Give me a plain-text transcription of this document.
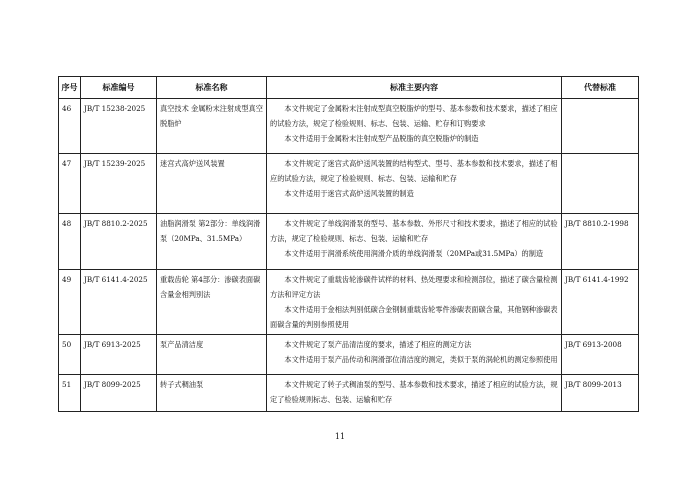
序号	标准编号	标准名称	标准主要内容	代替标准

46	JB/T 15238-2025	真空技术 金属粉末注射成型真空脱脂炉	本文件规定了金属粉末注射成型真空脱脂炉的型号、基本参数和技术要求，描述了相应的试验方法，规定了检验规则、标志、包装、运输、贮存和订购要求
本文件适用于金属粉末注射成型产品脱脂的真空脱脂炉的制造	

47	JB/T 15239-2025	迷宫式高炉送风装置	本文件规定了迷宫式高炉送风装置的结构型式、型号、基本参数和技术要求，描述了相应的试验方法，规定了检验规则、标志、包装、运输和贮存
本文件适用于迷宫式高炉送风装置的制造	

48	JB/T 8810.2-2025	油脂润滑泵 第2部分：单线润滑泵（20MPa、31.5MPa）	本文件规定了单线润滑泵的型号、基本参数、外形尺寸和技术要求，描述了相应的试验方法，规定了检验规则、标志、包装、运输和贮存
本文件适用于润滑系统使用润滑介质的单线润滑泵（20MPa或31.5MPa）的制造	JB/T 8810.2-1998

49	JB/T 6141.4-2025	重载齿轮 第4部分：渗碳表面碳含量金相判别法	本文件规定了重载齿轮渗碳件试样的材料、热处理要求和检测部位，描述了碳含量检测方法和评定方法
本文件适用于金相法判别低碳合金钢制重载齿轮零件渗碳表面碳含量，其他钢种渗碳表面碳含量的判别参照使用	JB/T 6141.4-1992

50	JB/T 6913-2025	泵产品清洁度	本文件规定了泵产品清洁度的要求，描述了相应的测定方法
本文件适用于泵产品传动和润滑部位清洁度的测定，类似于泵的涡轮机的测定参照使用	JB/T 6913-2008

51	JB/T 8099-2025	转子式稠油泵	本文件规定了转子式稠油泵的型号、基本参数和技术要求，描述了相应的试验方法，规定了检验规则标志、包装、运输和贮存	JB/T 8099-2013
11
